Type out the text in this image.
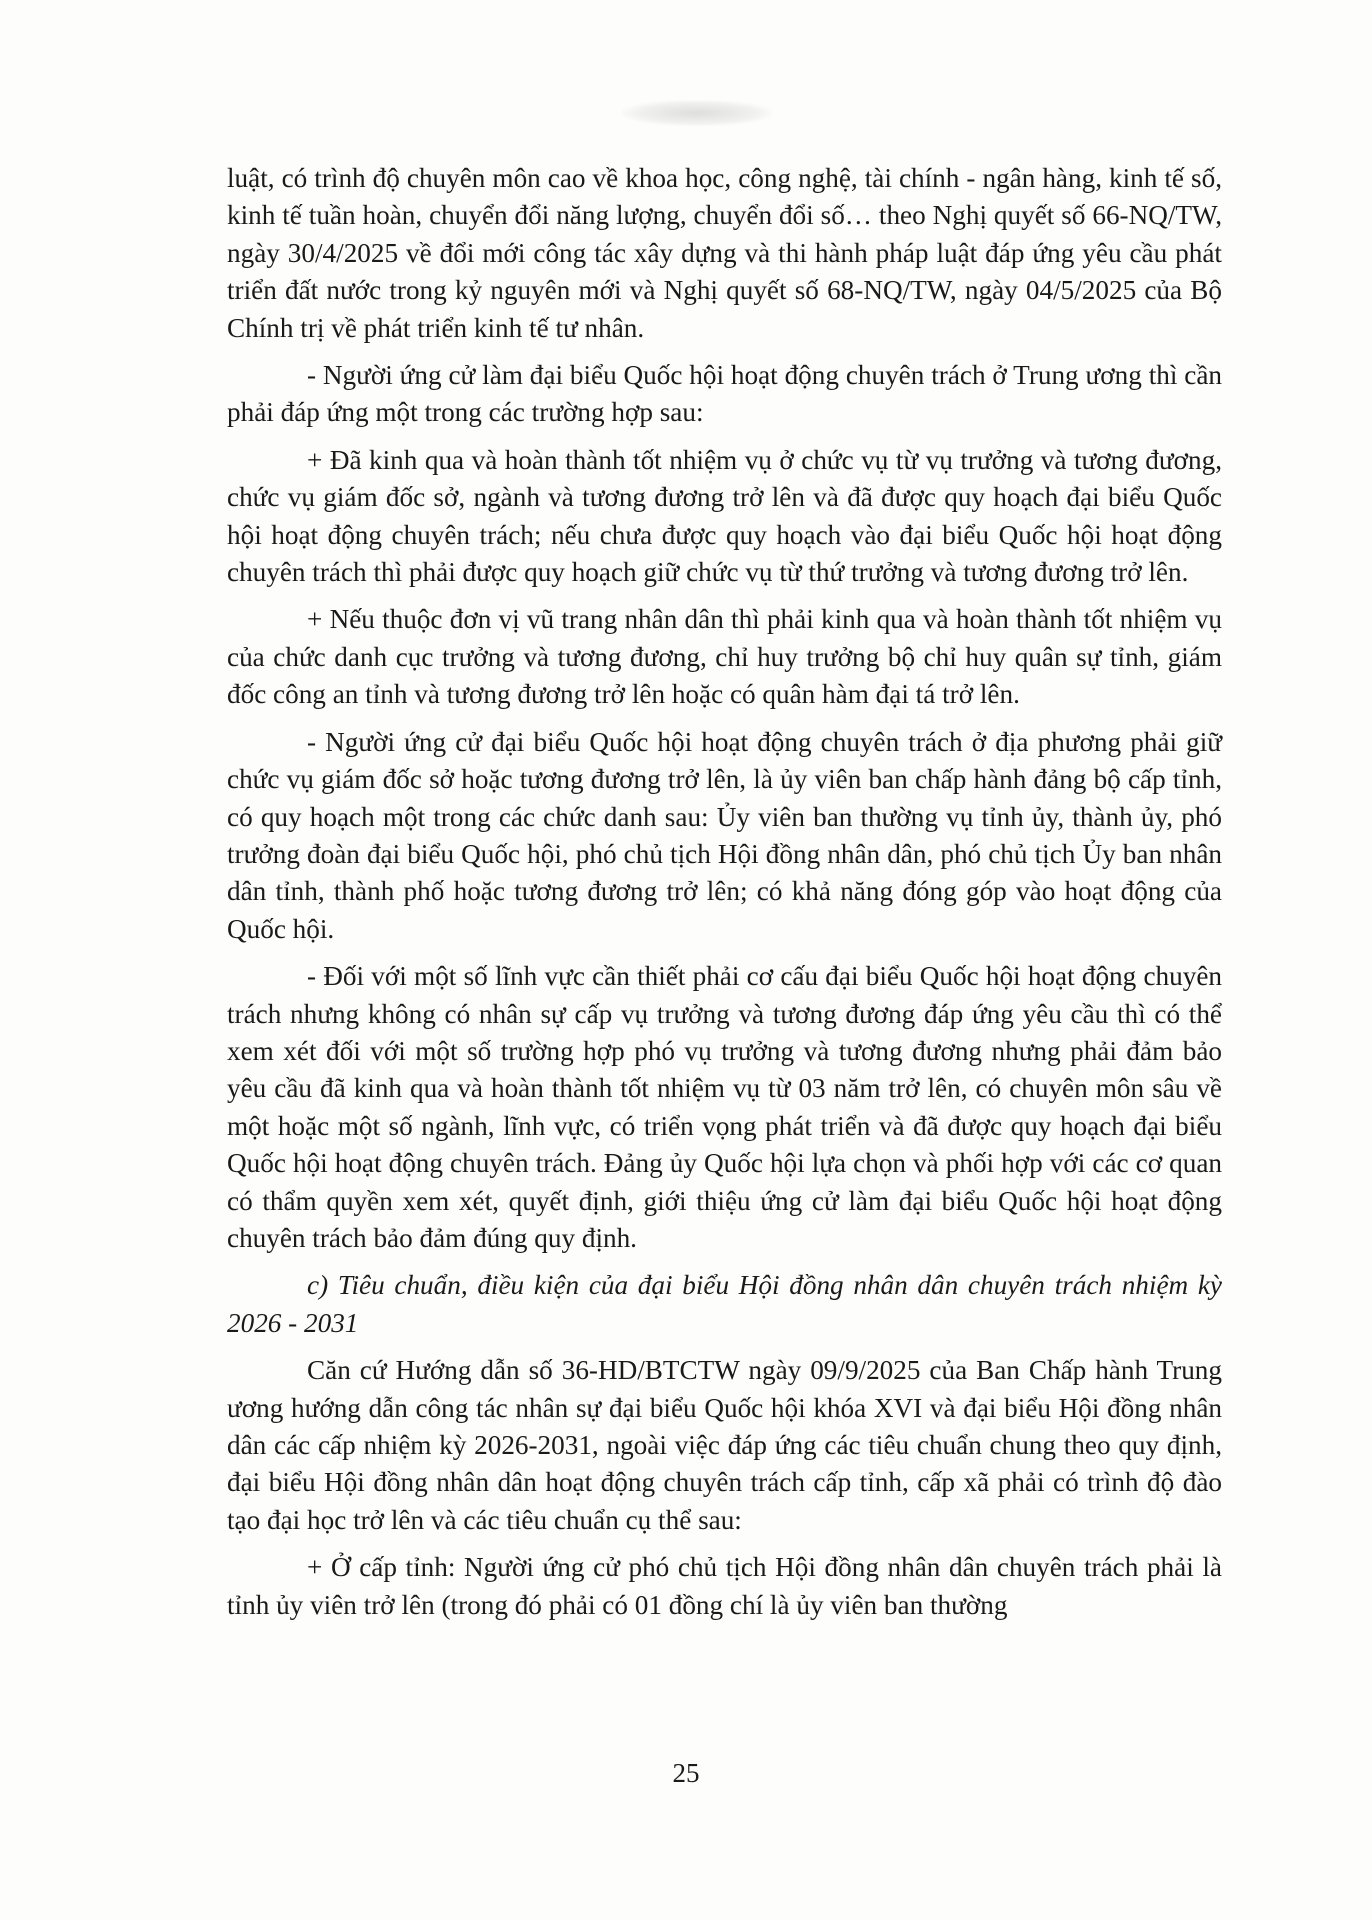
luật, có trình độ chuyên môn cao về khoa học, công nghệ, tài chính - ngân hàng, kinh tế số, kinh tế tuần hoàn, chuyển đổi năng lượng, chuyển đổi số… theo Nghị quyết số 66-NQ/TW, ngày 30/4/2025 về đổi mới công tác xây dựng và thi hành pháp luật đáp ứng yêu cầu phát triển đất nước trong kỷ nguyên mới và Nghị quyết số 68-NQ/TW, ngày 04/5/2025 của Bộ Chính trị về phát triển kinh tế tư nhân.

- Người ứng cử làm đại biểu Quốc hội hoạt động chuyên trách ở Trung ương thì cần phải đáp ứng một trong các trường hợp sau:

+ Đã kinh qua và hoàn thành tốt nhiệm vụ ở chức vụ từ vụ trưởng và tương đương, chức vụ giám đốc sở, ngành và tương đương trở lên và đã được quy hoạch đại biểu Quốc hội hoạt động chuyên trách; nếu chưa được quy hoạch vào đại biểu Quốc hội hoạt động chuyên trách thì phải được quy hoạch giữ chức vụ từ thứ trưởng và tương đương trở lên.

+ Nếu thuộc đơn vị vũ trang nhân dân thì phải kinh qua và hoàn thành tốt nhiệm vụ của chức danh cục trưởng và tương đương, chỉ huy trưởng bộ chỉ huy quân sự tỉnh, giám đốc công an tỉnh và tương đương trở lên hoặc có quân hàm đại tá trở lên.

- Người ứng cử đại biểu Quốc hội hoạt động chuyên trách ở địa phương phải giữ chức vụ giám đốc sở hoặc tương đương trở lên, là ủy viên ban chấp hành đảng bộ cấp tỉnh, có quy hoạch một trong các chức danh sau: Ủy viên ban thường vụ tỉnh ủy, thành ủy, phó trưởng đoàn đại biểu Quốc hội, phó chủ tịch Hội đồng nhân dân, phó chủ tịch Ủy ban nhân dân tỉnh, thành phố hoặc tương đương trở lên; có khả năng đóng góp vào hoạt động của Quốc hội.

- Đối với một số lĩnh vực cần thiết phải cơ cấu đại biểu Quốc hội hoạt động chuyên trách nhưng không có nhân sự cấp vụ trưởng và tương đương đáp ứng yêu cầu thì có thể xem xét đối với một số trường hợp phó vụ trưởng và tương đương nhưng phải đảm bảo yêu cầu đã kinh qua và hoàn thành tốt nhiệm vụ từ 03 năm trở lên, có chuyên môn sâu về một hoặc một số ngành, lĩnh vực, có triển vọng phát triển và đã được quy hoạch đại biểu Quốc hội hoạt động chuyên trách. Đảng ủy Quốc hội lựa chọn và phối hợp với các cơ quan có thẩm quyền xem xét, quyết định, giới thiệu ứng cử làm đại biểu Quốc hội hoạt động chuyên trách bảo đảm đúng quy định.

c) Tiêu chuẩn, điều kiện của đại biểu Hội đồng nhân dân chuyên trách nhiệm kỳ 2026 - 2031

Căn cứ Hướng dẫn số 36-HD/BTCTW ngày 09/9/2025 của Ban Chấp hành Trung ương hướng dẫn công tác nhân sự đại biểu Quốc hội khóa XVI và đại biểu Hội đồng nhân dân các cấp nhiệm kỳ 2026-2031, ngoài việc đáp ứng các tiêu chuẩn chung theo quy định, đại biểu Hội đồng nhân dân hoạt động chuyên trách cấp tỉnh, cấp xã phải có trình độ đào tạo đại học trở lên và các tiêu chuẩn cụ thể sau:

+ Ở cấp tỉnh: Người ứng cử phó chủ tịch Hội đồng nhân dân chuyên trách phải là tỉnh ủy viên trở lên (trong đó phải có 01 đồng chí là ủy viên ban thường

25
